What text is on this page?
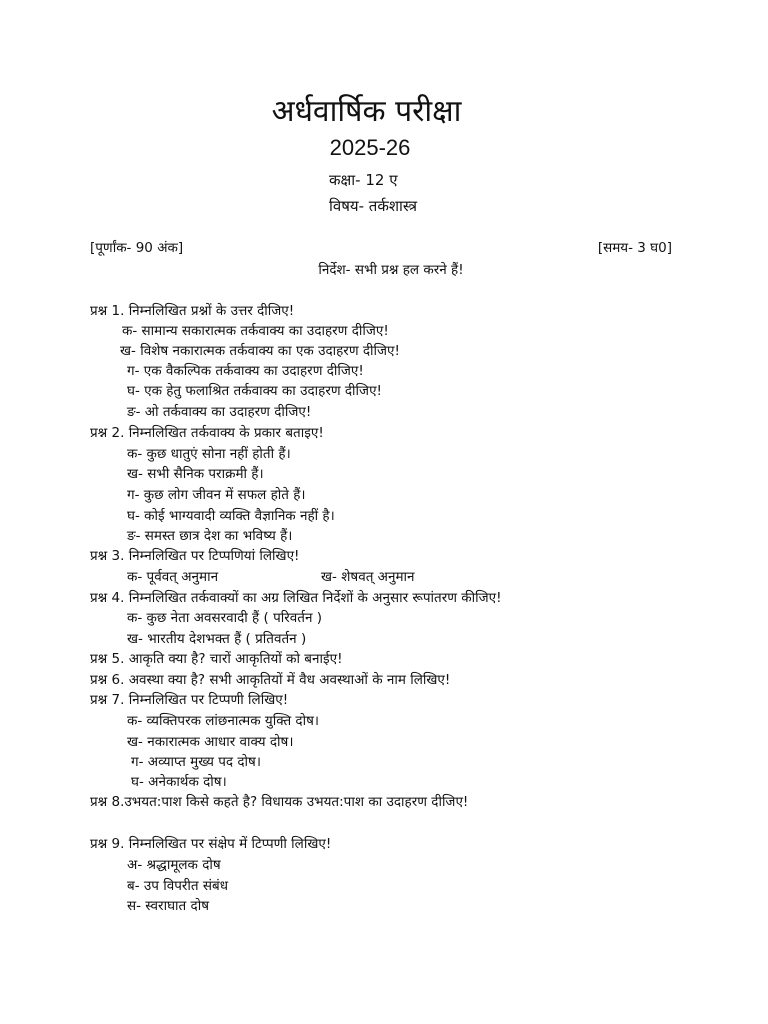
अर्धवार्षिक परीक्षा
2025-26
कक्षा- 12 ए
विषय- तर्कशास्त्र
[पूर्णांक- 90 अंक]	[समय- 3 घ0]
निर्देश- सभी प्रश्न हल करने हैं!
प्रश्न 1. निम्नलिखित प्रश्नों के उत्तर दीजिए!
क- सामान्य सकारात्मक तर्कवाक्य का उदाहरण दीजिए!
ख- विशेष नकारात्मक तर्कवाक्य का एक उदाहरण दीजिए!
ग- एक वैकल्पिक तर्कवाक्य का उदाहरण दीजिए!
घ- एक हेतु फलाश्रित तर्कवाक्य का उदाहरण दीजिए!
ङ- ओ तर्कवाक्य का उदाहरण दीजिए!
प्रश्न 2. निम्नलिखित तर्कवाक्य के प्रकार बताइए!
क- कुछ धातुएं सोना नहीं होती हैं।
ख- सभी सैनिक पराक्रमी हैं।
ग- कुछ लोग जीवन में सफल होते हैं।
घ- कोई भाग्यवादी व्यक्ति वैज्ञानिक नहीं है।
ङ- समस्त छात्र देश का भविष्य हैं।
प्रश्न 3. निम्नलिखित पर टिप्पणियां लिखिए!
क- पूर्ववत् अनुमान	ख- शेषवत् अनुमान
प्रश्न 4. निम्नलिखित तर्कवाक्यों का अग्र लिखित निर्देशों के अनुसार रूपांतरण कीजिए!
क- कुछ नेता अवसरवादी हैं ( परिवर्तन )
ख- भारतीय देशभक्त हैं ( प्रतिवर्तन )
प्रश्न 5. आकृति क्या है? चारों आकृतियों को बनाईए!
प्रश्न 6. अवस्था क्या है? सभी आकृतियों में वैध अवस्थाओं के नाम लिखिए!
प्रश्न 7. निम्नलिखित पर टिप्पणी लिखिए!
क- व्यक्तिपरक लांछनात्मक युक्ति दोष।
ख- नकारात्मक आधार वाक्य दोष।
ग- अव्याप्त मुख्य पद दोष।
घ- अनेकार्थक दोष।
प्रश्न 8.उभयत:पाश किसे कहते है? विधायक उभयत:पाश का उदाहरण दीजिए!
प्रश्न 9. निम्नलिखित पर संक्षेप में टिप्पणी लिखिए!
अ- श्रद्धामूलक दोष
ब- उप विपरीत संबंध
स- स्वराघात दोष
